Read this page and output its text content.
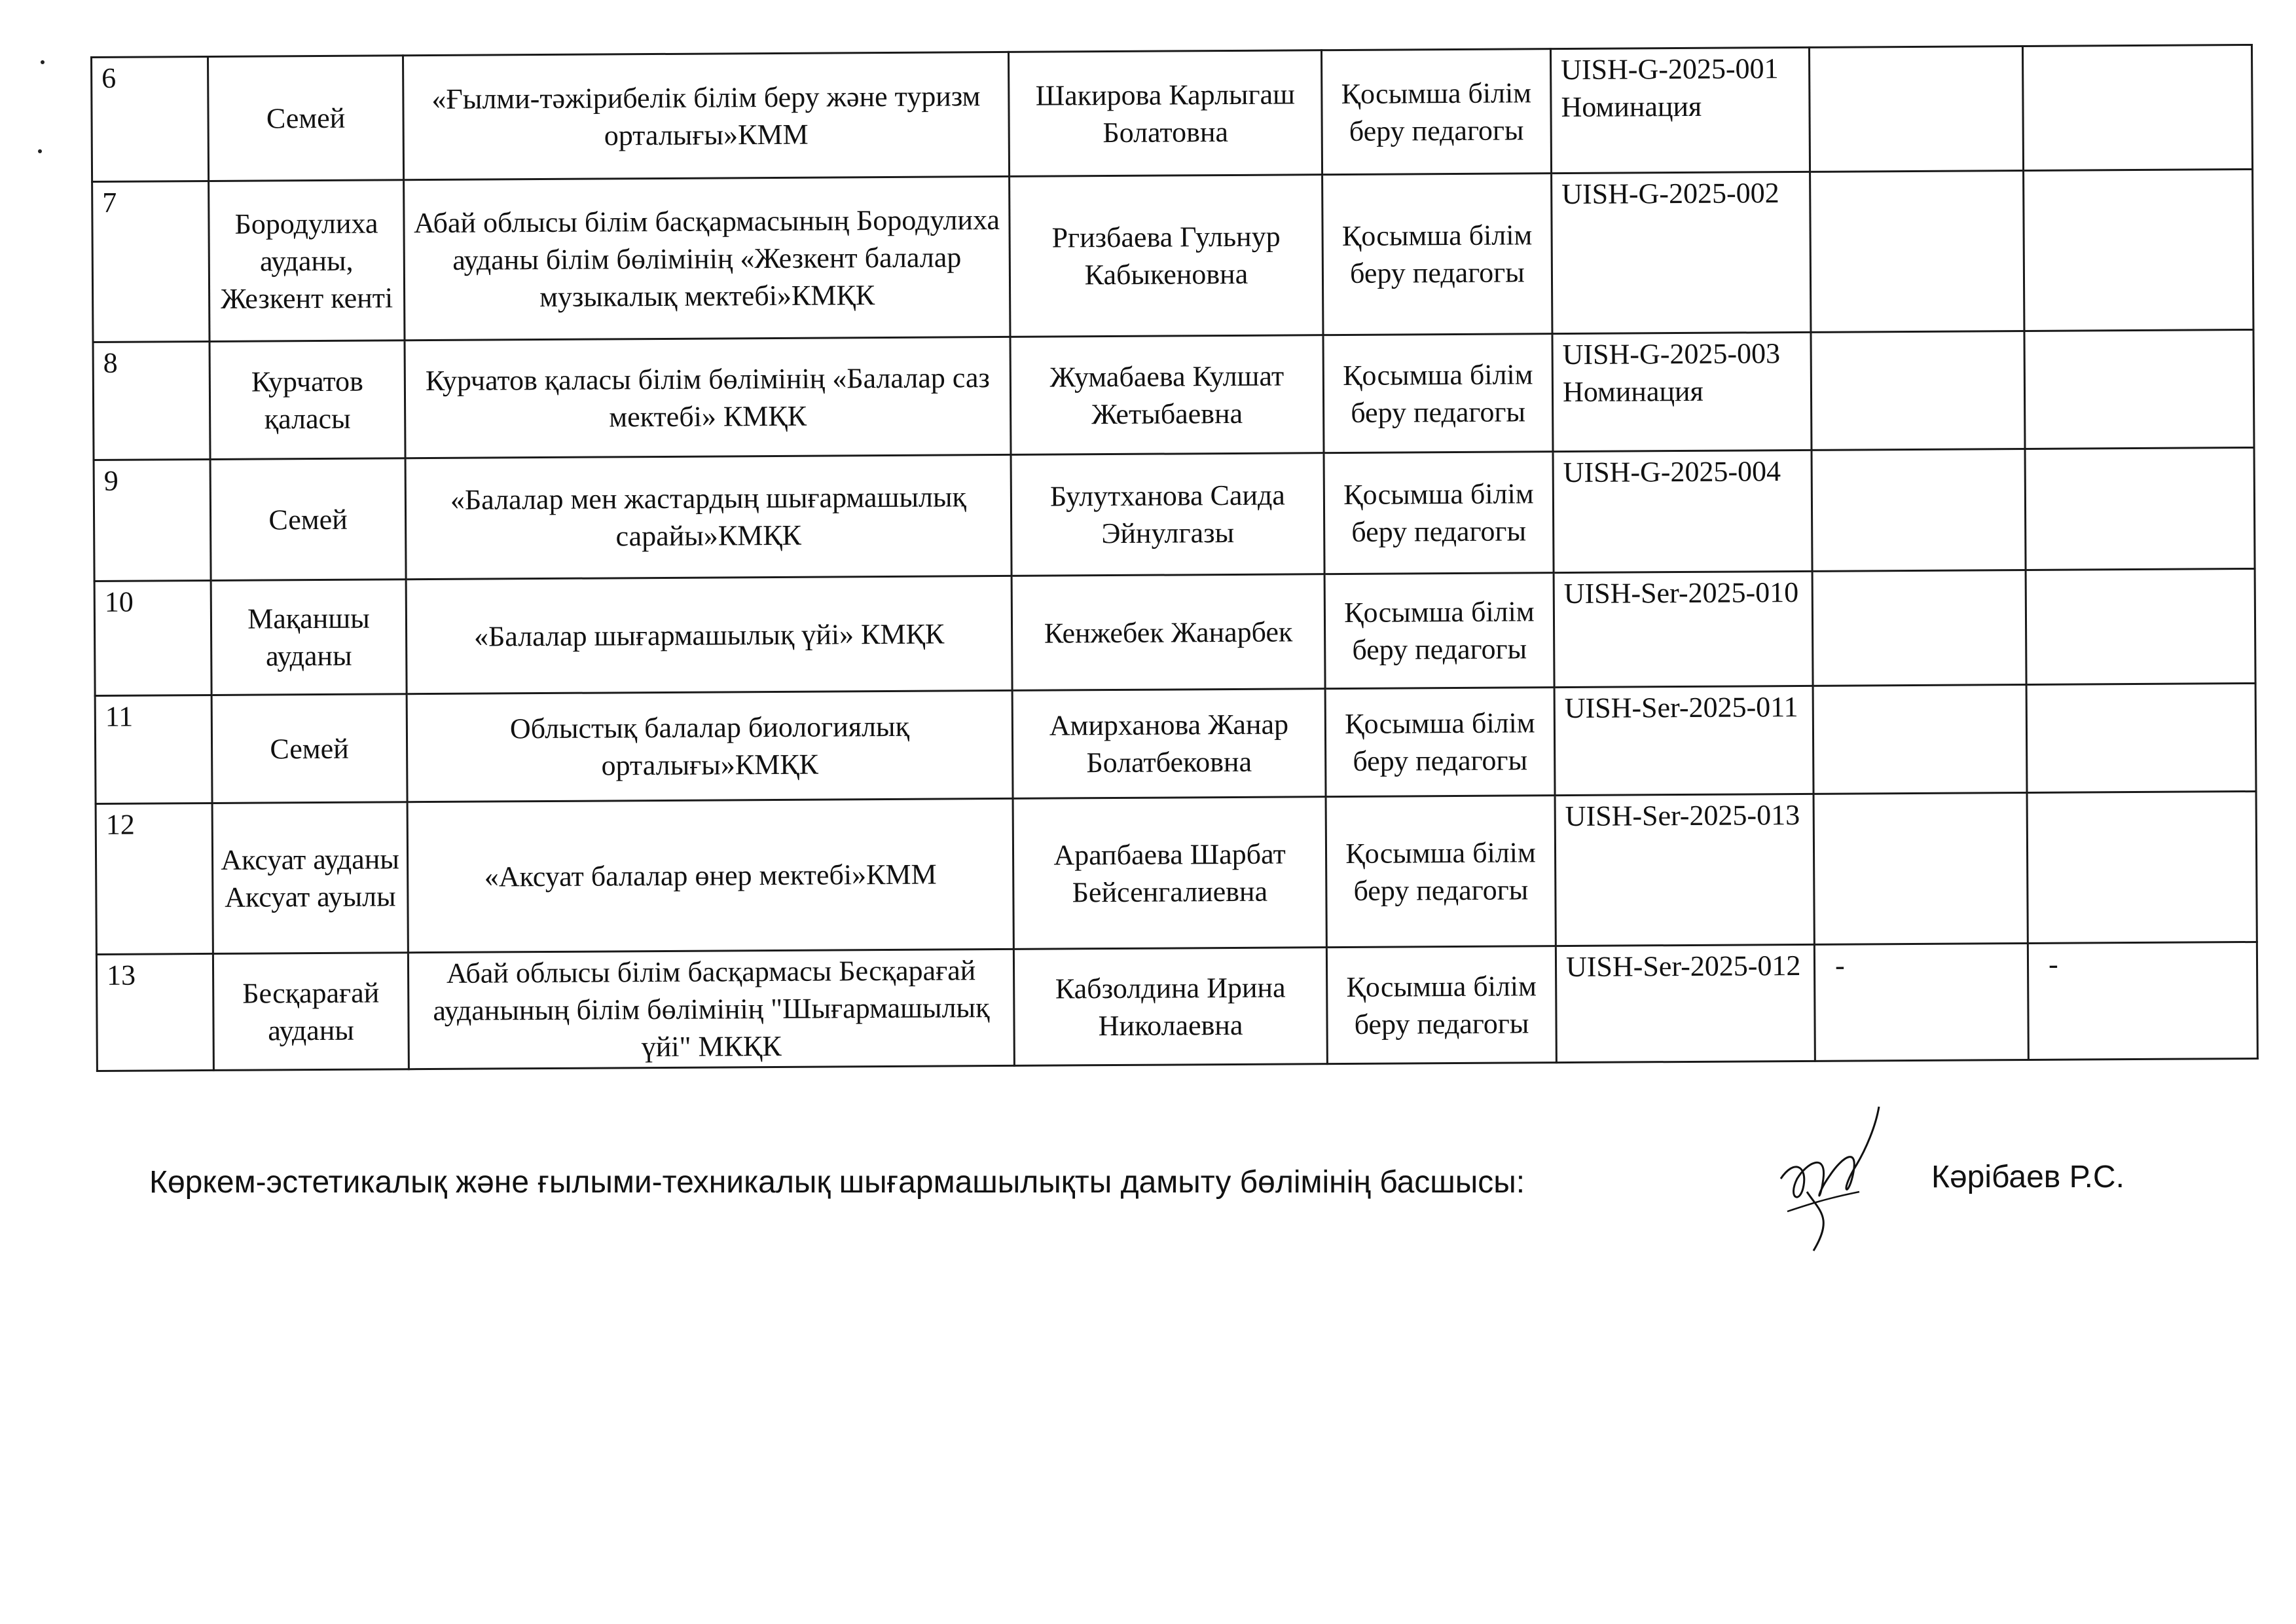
6	Семей	«Ғылми-тәжірибелік білім беру және туризм орталығы»КММ	Шакирова Карлыгаш Болатовна	Қосымша білім беру педагогы	UISH-G-2025-001 Номинация		
7	Бородулиха ауданы, Жезкент кенті	Абай облысы білім басқармасының Бородулиха ауданы білім бөлімінің «Жезкент балалар музыкалық мектебі»КМҚК	Ргизбаева Гульнур Кабыкеновна	Қосымша білім беру педагогы	UISH-G-2025-002		
8	Курчатов қаласы	Курчатов қаласы білім бөлімінің «Балалар саз мектебі» КМҚК	Жумабаева Кулшат Жетыбаевна	Қосымша білім беру педагогы	UISH-G-2025-003 Номинация		
9	Семей	«Балалар мен жастардың шығармашылық сарайы»КМҚК	Булутханова Саида Эйнулгазы	Қосымша білім беру педагогы	UISH-G-2025-004		
10	Мақаншы ауданы	«Балалар шығармашылық үйі» КМҚК	Кенжебек Жанарбек	Қосымша білім беру педагогы	UISH-Ser-2025-010		
11	Семей	Облыстық балалар биологиялық орталығы»КМҚК	Амирханова Жанар Болатбековна	Қосымша білім беру педагогы	UISH-Ser-2025-011		
12	Аксуат ауданы Аксуат ауылы	«Аксуат балалар өнер мектебі»КММ	Арапбаева Шарбат Бейсенгалиевна	Қосымша білім беру педагогы	UISH-Ser-2025-013		
13	Бесқарағай ауданы	Абай облысы білім басқармасы Бесқарағай ауданының білім бөлімінің "Шығармашылық үйі" МКҚК	Кабзолдина Ирина Николаевна	Қосымша білім беру педагогы	UISH-Ser-2025-012	-	-
Көркем-эстетикалық және ғылыми-техникалық шығармашылықты дамыту бөлімінің басшысы:	Кәрібаев Р.С.
